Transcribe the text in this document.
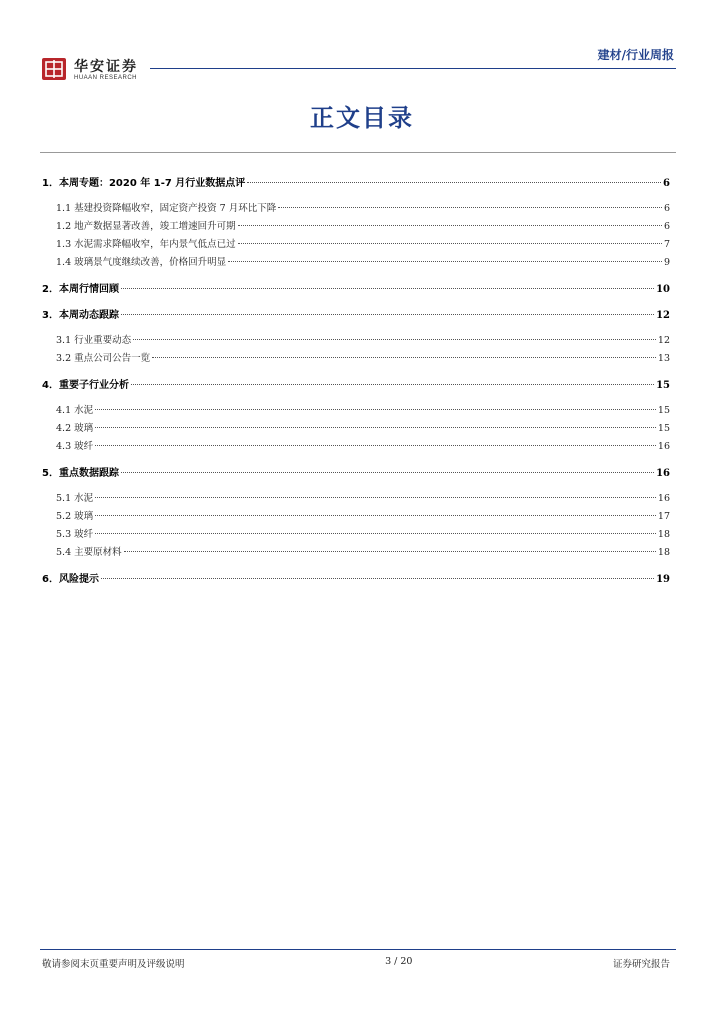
华安证券
HUAAN RESEARCH
建材/行业周报
正文目录
1．本周专题：2020 年 1-7 月行业数据点评	6
1.1 基建投资降幅收窄，固定资产投资 7 月环比下降	6
1.2 地产数据显著改善，竣工增速回升可期	6
1.3 水泥需求降幅收窄，年内景气低点已过	7
1.4 玻璃景气度继续改善，价格回升明显	9
2．本周行情回顾	10
3．本周动态跟踪	12
3.1 行业重要动态	12
3.2 重点公司公告一览	13
4．重要子行业分析	15
4.1 水泥	15
4.2 玻璃	15
4.3 玻纤	16
5．重点数据跟踪	16
5.1 水泥	16
5.2 玻璃	17
5.3 玻纤	18
5.4 主要原材料	18
6．风险提示	19
敬请参阅末页重要声明及评级说明	3 / 20	证券研究报告
